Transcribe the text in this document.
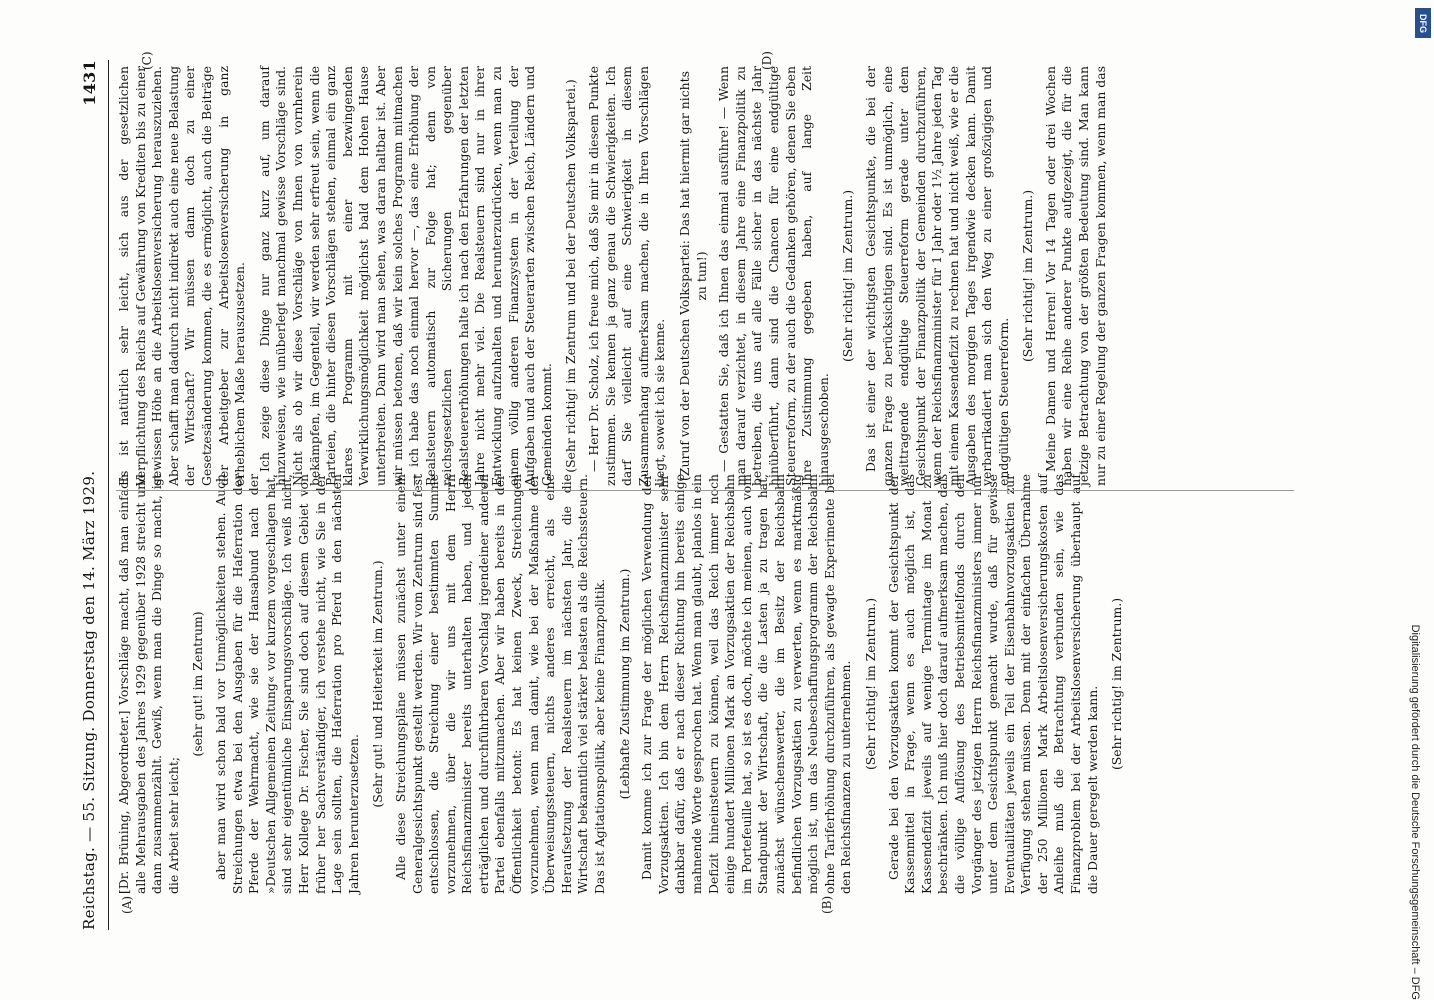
Reichstag. — 55. Sitzung. Donnerstag den 14. März 1929.
1431
(A)	(B)
(C)	(D)

[Dr. Brüning, Abgeordneter.] Vorschläge macht, daß man einfach alle Mehrausgaben des Jahres 1929 gegenüber 1928 streicht und dann zusammenzählt. Gewiß, wenn man die Dinge so macht, ist die Arbeit sehr leicht;

(sehr gut! im Zentrum) aber man wird schon bald vor Unmöglichkeiten stehen. Auch Streichungen etwa bei den Ausgaben für die Haferration der Pferde der Wehrmacht, wie sie der Hansabund nach der »Deutschen Allgemeinen Zeitung« vor kurzem vorgeschlagen hat, sind sehr eigentümliche Einsparungsvorschläge. Ich weiß nicht, Herr Kollege Dr. Fischer, Sie sind doch auf diesem Gebiet von früher her Sachverständiger, ich verstehe nicht, wie Sie in der Lage sein sollten, die Haferration pro Pferd in den nächsten Jahren herunterzusetzen.

(Sehr gut! und Heiterkeit im Zentrum.) Alle diese Streichungspläne müssen zunächst unter einem Generalgesichtspunkt gestellt werden. Wir vom Zentrum sind fest entschlossen, die Streichung einer bestimmten Summe vorzunehmen, über die wir uns mit dem Herrn Reichsfinanzminister bereits unterhalten haben, und jeden erträglichen und durchführbaren Vorschlag irgendeiner anderen Partei ebenfalls mitzumachen. Aber wir haben bereits in der Öffentlichkeit betont: Es hat keinen Zweck, Streichungen vorzunehmen, wenn man damit, wie bei der Maßnahme der Überweisungssteuern, nichts anderes erreicht, als eine Heraufsetzung der Realsteuern im nächsten Jahr, die die Wirtschaft bekanntlich viel stärker belasten als die Reichssteuern. Das ist Agitationspolitik, aber keine Finanzpolitik. (Lebhafte Zustimmung im Zentrum.) Damit komme ich zur Frage der möglichen Verwendung der Vorzugsaktien. Ich bin dem Herrn Reichsfinanzminister sehr dankbar dafür, daß er nach dieser Richtung hin bereits einige mahnende Worte gesprochen hat. Wenn man glaubt, planlos in ein Defizit hineinsteuern zu können, weil das Reich immer noch einige hundert Millionen Mark an Vorzugsaktien der Reichsbahn im Portefeuille hat, so ist es doch, möchte ich meinen, auch vom Standpunkt der Wirtschaft, die die Lasten ja zu tragen hat, zunächst wünschenswerter, die im Besitz der Reichsbahn befindlichen Vorzugsaktien zu verwerten, wenn es marktmäßig möglich ist, um das Neubeschaffungsprogramm der Reichsbahn ohne Tariferhöhung durchzuführen, als gewagte Experimente bei den Reichsfinanzen zu unternehmen. (Sehr richtig! im Zentrum.) Gerade bei den Vorzugsaktien kommt der Gesichtspunkt der Kassenmittel in Frage, wenn es auch möglich ist, das Kassendefizit jeweils auf wenige Termintage im Monat zu beschränken. Ich muß hier doch darauf aufmerksam machen, daß die völlige Auflösung des Betriebsmittelfonds durch den Vorgänger des jetzigen Herrn Reichsfinanzministers immer nur unter dem Gesichtspunkt gemacht wurde, daß für gewisse Eventualitäten jeweils ein Teil der Eisenbahnvorzugsaktien zur Verfügung stehen müssen. Denn mit der einfachen Übernahme der 250 Millionen Mark Arbeitslosenversicherungskosten auf Anleihe muß die Betrachtung verbunden sein, wie das Finanzproblem bei der Arbeitslosenversicherung überhaupt auf die Dauer geregelt werden kann.

(Sehr richtig! im Zentrum.)

Es ist natürlich sehr leicht, sich aus der gesetzlichen Verpflichtung des Reichs auf Gewährung von Krediten bis zu einer gewissen Höhe an die Arbeitslosenversicherung herauszuziehen. Aber schafft man dadurch nicht indirekt auch eine neue Belastung der Wirtschaft? Wir müssen dann doch zu einer Gesetzesänderung kommen, die es ermöglicht, auch die Beiträge der Arbeitgeber zur Arbeitslosenversicherung in ganz erheblichem Maße herauszusetzen. Ich zeige diese Dinge nur ganz kurz auf, um darauf hinzuweisen, wie unüberlegt manchmal gewisse Vorschläge sind. Nicht als ob wir diese Vorschläge von Ihnen von vornherein bekämpfen, im Gegenteil, wir werden sehr erfreut sein, wenn die Parteien, die hinter diesen Vorschlägen stehen, einmal ein ganz klares Programm mit einer bezwingenden Verwirklichungsmöglichkeit möglichst bald dem Hohen Hause unterbreiten. Dann wird man sehen, was daran haltbar ist. Aber wir müssen betonen, daß wir kein solches Programm mitmachen — ich habe das noch einmal hervor —, das eine Erhöhung der Realsteuern automatisch zur Folge hat; denn von reichsgesetzlichen Sicherungen gegenüber Realsteuererhöhungen halte ich nach den Erfahrungen der letzten Jahre nicht mehr viel. Die Realsteuern sind nur in ihrer Entwicklung aufzuhalten und herunterzudrücken, wenn man zu einem völlig anderen Finanzsystem in der Verteilung der Aufgaben und auch der Steuerarten zwischen Reich, Ländern und Gemeinden kommt. (Sehr richtig! im Zentrum und bei der Deutschen Volkspartei.) — Herr Dr. Scholz, ich freue mich, daß Sie mir in diesem Punkte zustimmen. Sie kennen ja ganz genau die Schwierigkeiten. Ich darf Sie vielleicht auf eine Schwierigkeit in diesem Zusammenhang aufmerksam machen, die in Ihren Vorschlägen liegt, soweit ich sie kenne. (Zuruf von der Deutschen Volkspartei: Das hat hiermit gar nichts zu tun!) — Gestatten Sie, daß ich Ihnen das einmal ausführe! — Wenn man darauf verzichtet, in diesem Jahre eine Finanzpolitik zu betreiben, die uns auf alle Fälle sicher in das nächste Jahr hinüberführt, dann sind die Chancen für eine endgültige Steuerreform, zu der auch die Gedanken gehören, denen Sie eben Ihre Zustimmung gegeben haben, auf lange Zeit hinausgeschoben.

(Sehr richtig! im Zentrum.) Das ist einer der wichtigsten Gesichtspunkte, die bei der ganzen Frage zu berücksichtigen sind. Es ist unmöglich, eine weittragende endgültige Steuerreform gerade unter dem Gesichtspunkt der Finanzpolitik der Gemeinden durchzuführen, wenn der Reichsfinanzminister für 1 Jahr oder 1½ Jahre jeden Tag mit einem Kassendefizit zu rechnen hat und nicht weiß, wie er die Ausgaben des morgigen Tages irgendwie decken kann. Damit verbarrikadiert man sich den Weg zu einer großzügigen und endgültigen Steuerreform.

(Sehr richtig! im Zentrum.) Meine Damen und Herren! Vor 14 Tagen oder drei Wochen haben wir eine Reihe anderer Punkte aufgezeigt, die für die jetzige Betrachtung von der größten Bedeutung sind. Man kann nur zu einer Regelung der ganzen Fragen kommen, wenn man das

Digitalisierung gefördert durch die Deutsche Forschungsgemeinschaft – DFG
DFG
